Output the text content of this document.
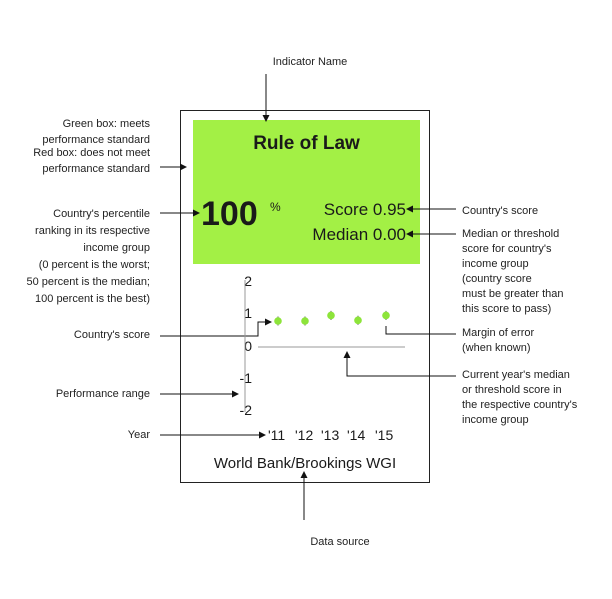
Indicator Name
Green box: meets
performance standard
Red box: does not meet
performance standard
Country's percentile
ranking in its respective
income group
(0 percent is the worst;
50 percent is the median;
100 percent is the best)
Country's score
Performance range
Year
Country's score
Median or threshold
score for country's
income group
(country score
must be greater than
this score to pass)
Margin of error
(when known)
Current year's median
or threshold score in
the respective country's
income group
Data source
Rule of Law
100 %	Score 0.95
Median 0.00
2
1
0
-1
-2
'11 '12 '13 '14 '15
World Bank/Brookings WGI
